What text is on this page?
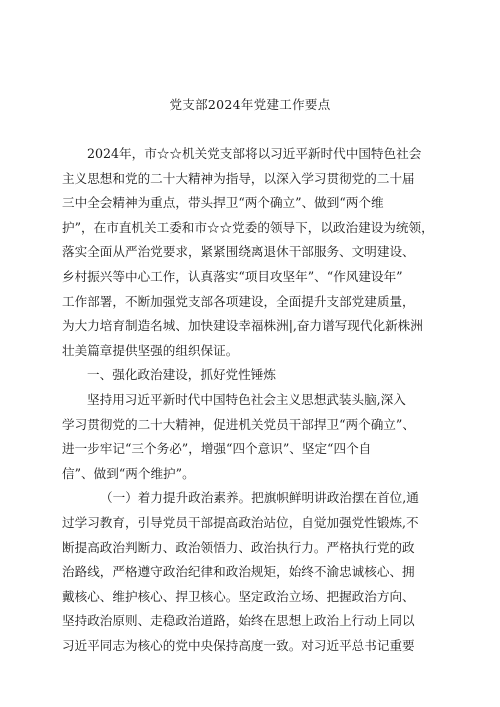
党支部2024年党建工作要点
2024年，市☆☆机关党支部将以习近平新时代中国特色社会
主义思想和党的二十大精神为指导，以深入学习贯彻党的二十届
三中全会精神为重点，带头捍卫“两个确立”、做到“两个维
护”，在市直机关工委和市☆☆党委的领导下，以政治建设为统领，
落实全面从严治党要求，紧紧围绕离退休干部服务、文明建设、
乡村振兴等中心工作，认真落实“项目攻坚年”、“作风建设年”
工作部署，不断加强党支部各项建设，全面提升支部党建质量，
为大力培育制造名城、加快建设幸福株洲|,奋力谱写现代化新株洲
壮美篇章提供坚强的组织保证。
一、强化政治建设，抓好党性锤炼
坚持用习近平新时代中国特色社会主义思想武装头脑,深入
学习贯彻党的二十大精神，促进机关党员干部捍卫“两个确立”、
进一步牢记“三个务必”，增强“四个意识”、坚定“四个自
信”、做到“两个维护”。
（一）着力提升政治素养。把旗帜鲜明讲政治摆在首位,通
过学习教育，引导党员干部提高政治站位，自觉加强党性锻炼,不
断提高政治判断力、政治领悟力、政治执行力。严格执行党的政
治路线，严格遵守政治纪律和政治规矩，始终不渝忠诚核心、拥
戴核心、维护核心、捍卫核心。坚定政治立场、把握政治方向、
坚持政治原则、走稳政治道路，始终在思想上政治上行动上同以
习近平同志为核心的党中央保持高度一致。对习近平总书记重要
